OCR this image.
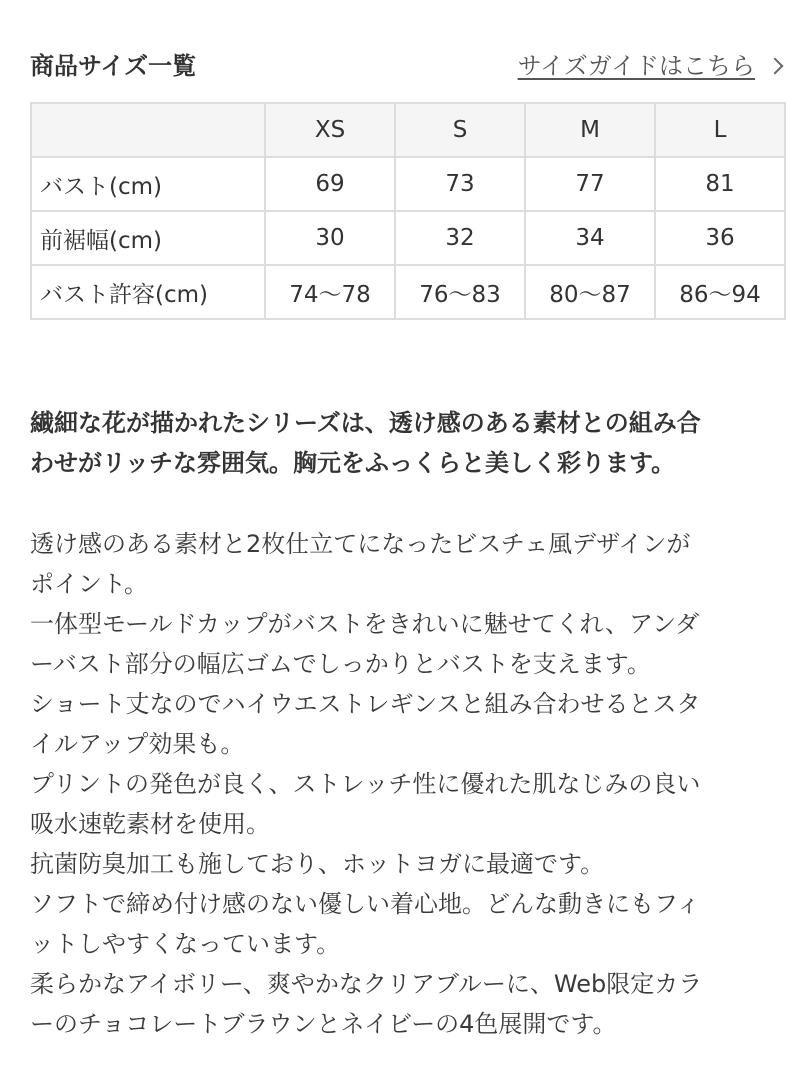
商品サイズ一覧	サイズガイドはこちら
	XS	S	M	L
バスト(cm)	69	73	77	81
前裾幅(cm)	30	32	34	36
バスト許容(cm)	74〜78	76〜83	80〜87	86〜94
繊細な花が描かれたシリーズは、透け感のある素材との組み合
わせがリッチな雰囲気。胸元をふっくらと美しく彩ります。
透け感のある素材と2枚仕立てになったビスチェ風デザインが
ポイント。
一体型モールドカップがバストをきれいに魅せてくれ、アンダ
ーバスト部分の幅広ゴムでしっかりとバストを支えます。
ショート丈なのでハイウエストレギンスと組み合わせるとスタ
イルアップ効果も。
プリントの発色が良く、ストレッチ性に優れた肌なじみの良い
吸水速乾素材を使用。
抗菌防臭加工も施しており、ホットヨガに最適です。
ソフトで締め付け感のない優しい着心地。どんな動きにもフィ
ットしやすくなっています。
柔らかなアイボリー、爽やかなクリアブルーに、Web限定カラ
ーのチョコレートブラウンとネイビーの4色展開です。
